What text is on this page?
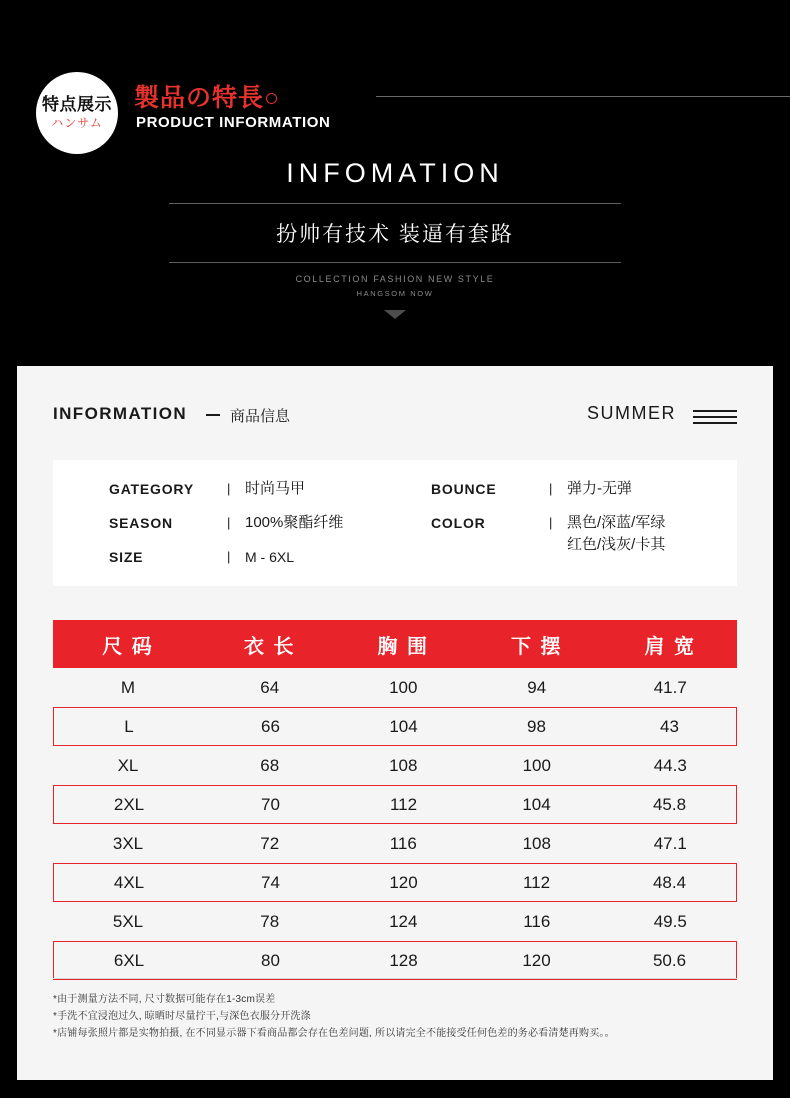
特点展示
ハンサム
製品の特長○
PRODUCT INFORMATION
INFOMATION
扮帅有技术 装逼有套路
COLLECTION FASHION NEW STYLE
HANGSOM NOW
INFORMATION	商品信息	SUMMER
GATEGORY	| 时尚马甲
SEASON	| 100%聚酯纤维
SIZE	|	M - 6XL
BOUNCE	| 弹力-无弹
COLOR	| 黑色/深蓝/军绿
红色/浅灰/卡其
尺 码	衣 长	胸 围	下 摆	肩 宽
M	64	100	94	41.7
L	66	104	98	43
XL	68	108	100	44.3
2XL	70	112	104	45.8
3XL	72	116	108	47.1
4XL	74	120	112	48.4
5XL	78	124	116	49.5
6XL	80	128	120	50.6
*由于测量方法不同, 尺寸数据可能存在1-3cm误差
*手洗不宜浸泡过久, 晾晒时尽量拧干,与深色衣服分开洗涤
*店铺每张照片都是实物拍摄, 在不同显示器下看商品都会存在色差问题, 所以请完全不能接受任何色差的务必看清楚再购买。。
